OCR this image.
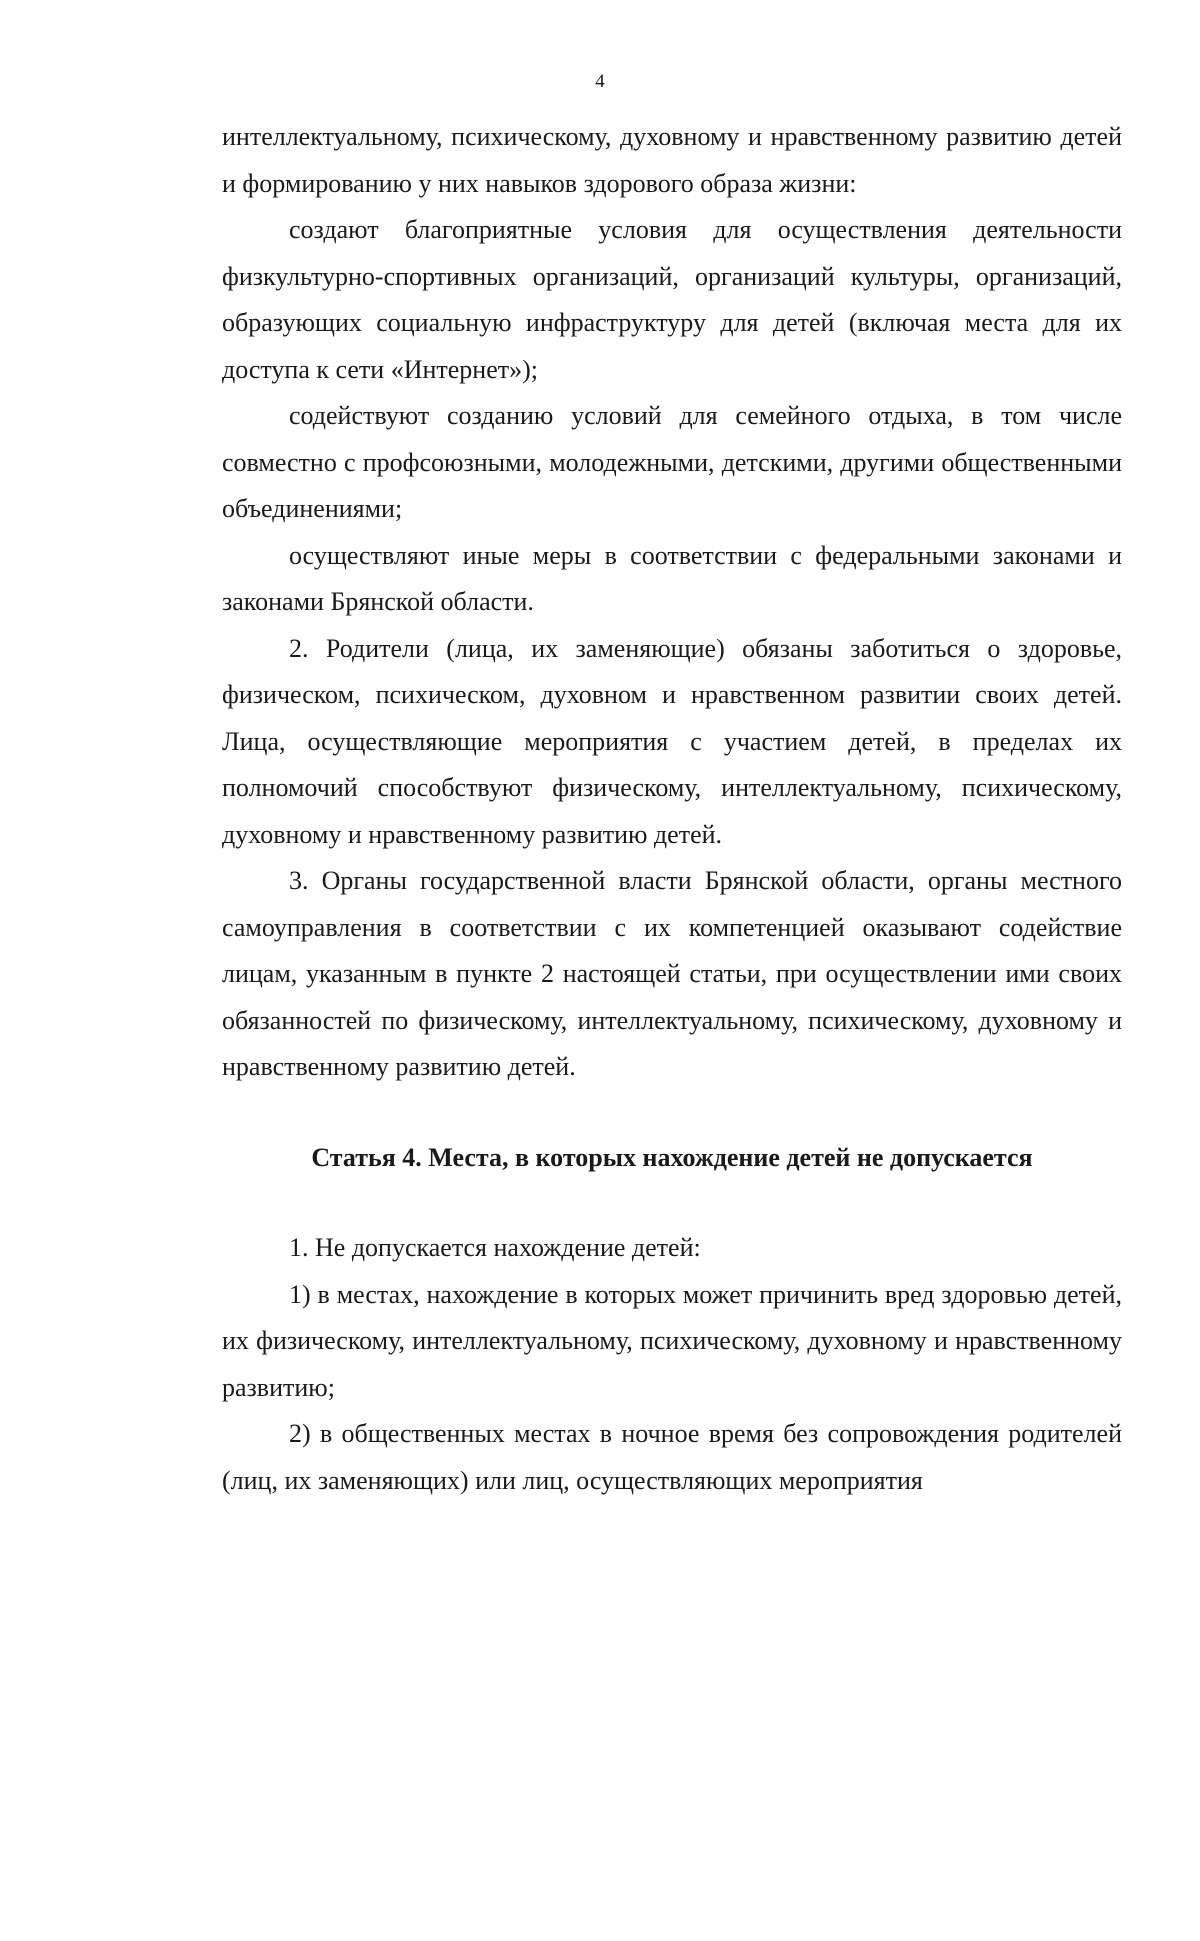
4

интеллектуальному, психическому, духовному и нравственному развитию детей и формированию у них навыков здорового образа жизни:

создают благоприятные условия для осуществления деятельности физкультурно-спортивных организаций, организаций культуры, организаций, образующих социальную инфраструктуру для детей (включая места для их доступа к сети «Интернет»);

содействуют созданию условий для семейного отдыха, в том числе совместно с профсоюзными, молодежными, детскими, другими общественными объединениями;

осуществляют иные меры в соответствии с федеральными законами и законами Брянской области.

2. Родители (лица, их заменяющие) обязаны заботиться о здоровье, физическом, психическом, духовном и нравственном развитии своих детей. Лица, осуществляющие мероприятия с участием детей, в пределах их полномочий способствуют физическому, интеллектуальному, психическому, духовному и нравственному развитию детей.

3. Органы государственной власти Брянской области, органы местного самоуправления в соответствии с их компетенцией оказывают содействие лицам, указанным в пункте 2 настоящей статьи, при осуществлении ими своих обязанностей по физическому, интеллектуальному, психическому, духовному и нравственному развитию детей.

Статья 4. Места, в которых нахождение детей не допускается

1. Не допускается нахождение детей:

1) в местах, нахождение в которых может причинить вред здоровью детей, их физическому, интеллектуальному, психическому, духовному и нравственному развитию;

2) в общественных местах в ночное время без сопровождения родителей (лиц, их заменяющих) или лиц, осуществляющих мероприятия
